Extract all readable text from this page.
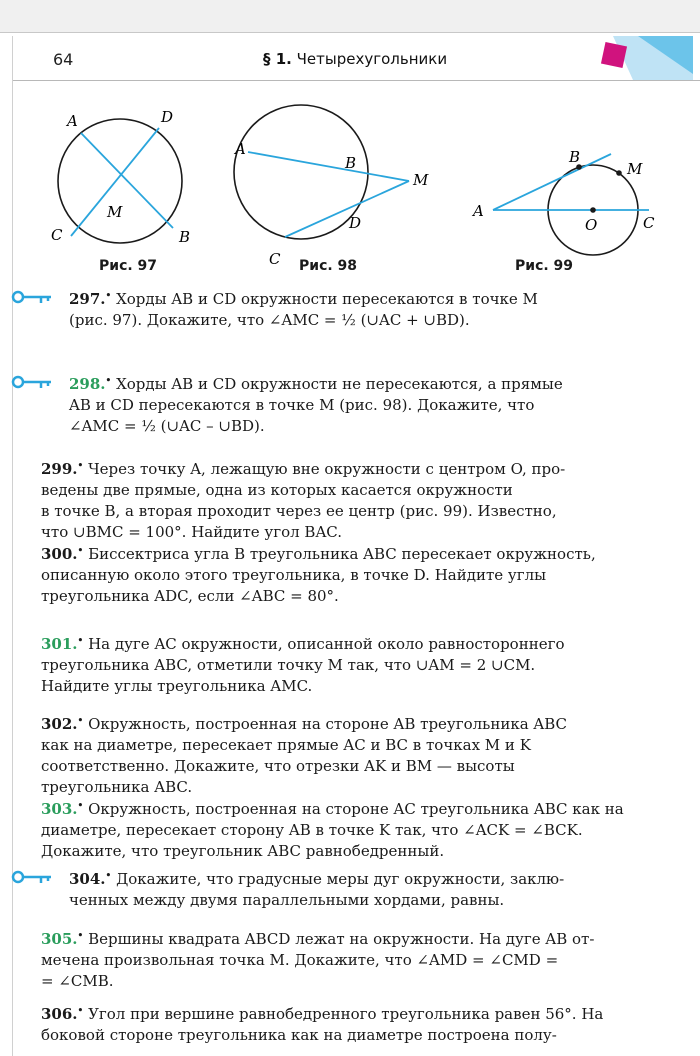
64	§ 1. Четырехугольники
A	D
M
C	B
A
B
M
D
C
B
M
A
O	C
Рис. 97	Рис. 98	Рис. 99
297.• Хорды AB и CD окружности пересекаются в точке M
(рис. 97). Докажите, что ∠AMC = ½ (∪AC + ∪BD).
298.• Хорды AB и CD окружности не пересекаются, а прямые
AB и CD пересекаются в точке M (рис. 98). Докажите, что
∠AMC = ½ (∪AC – ∪BD).
299.• Через точку A, лежащую вне окружности с центром O, про-
ведены две прямые, одна из которых касается окружности
в точке B, а вторая проходит через ее центр (рис. 99). Известно,
что ∪BMC = 100°. Найдите угол BAC.
300.• Биссектриса угла B треугольника ABC пересекает окружность,
описанную около этого треугольника, в точке D. Найдите углы
треугольника ADC, если ∠ABC = 80°.
301.• На дуге AC окружности, описанной около равностороннего
треугольника ABC, отметили точку M так, что ∪AM = 2 ∪CM.
Найдите углы треугольника AMC.
302.• Окружность, построенная на стороне AB треугольника ABC
как на диаметре, пересекает прямые AC и BC в точках M и K
соответственно. Докажите, что отрезки AK и BM — высоты
треугольника ABC.
303.• Окружность, построенная на стороне AC треугольника ABC как на
диаметре, пересекает сторону AB в точке K так, что ∠ACK = ∠BCK.
Докажите, что треугольник ABC равнобедренный.
304.• Докажите, что градусные меры дуг окружности, заклю-
ченных между двумя параллельными хордами, равны.
305.• Вершины квадрата ABCD лежат на окружности. На дуге AB от-
мечена произвольная точка M. Докажите, что ∠AMD = ∠CMD =
= ∠CMB.
306.• Угол при вершине равнобедренного треугольника равен 56°. На
боковой стороне треугольника как на диаметре построена полу-
